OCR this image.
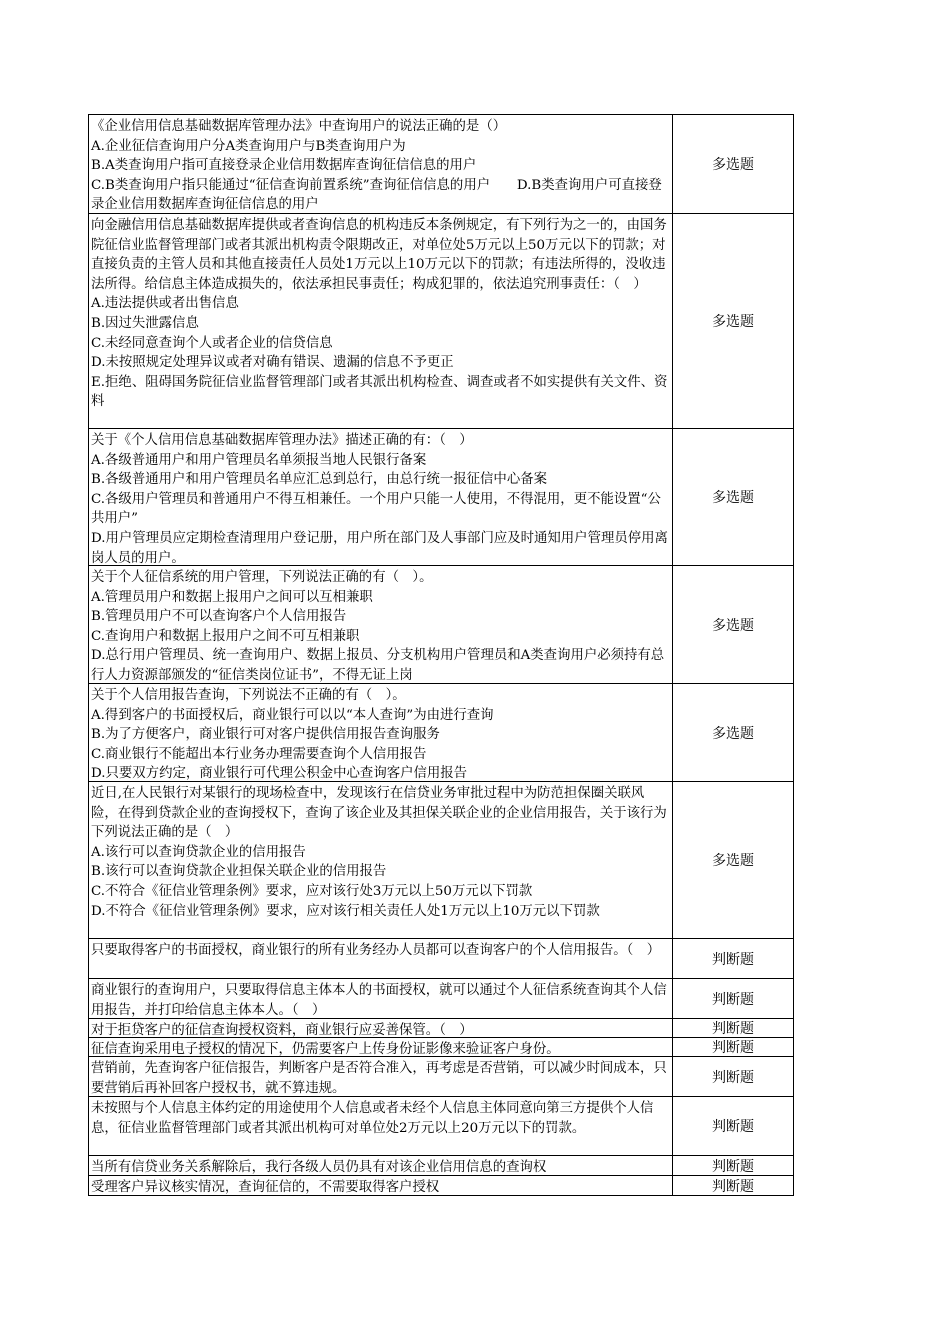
《企业信用信息基础数据库管理办法》中查询用户的说法正确的是（）
A.企业征信查询用户分A类查询用户与B类查询用户为
B.A类查询用户指可直接登录企业信用数据库查询征信信息的用户
C.B类查询用户指只能通过“征信查询前置系统”查询征信信息的用户　　D.B类查询用户可直接登录企业信用数据库查询征信信息的用户
多选题
向金融信用信息基础数据库提供或者查询信息的机构违反本条例规定，有下列行为之一的，由国务院征信业监督管理部门或者其派出机构责令限期改正，对单位处5万元以上50万元以下的罚款；对直接负责的主管人员和其他直接责任人员处1万元以上10万元以下的罚款；有违法所得的，没收违法所得。给信息主体造成损失的，依法承担民事责任；构成犯罪的，依法追究刑事责任：（　）
A.违法提供或者出售信息
B.因过失泄露信息
C.未经同意查询个人或者企业的信贷信息
D.未按照规定处理异议或者对确有错误、遗漏的信息不予更正
E.拒绝、阻碍国务院征信业监督管理部门或者其派出机构检查、调查或者不如实提供有关文件、资料
多选题
关于《个人信用信息基础数据库管理办法》描述正确的有：（　）
A.各级普通用户和用户管理员名单须报当地人民银行备案
B.各级普通用户和用户管理员名单应汇总到总行，由总行统一报征信中心备案
C.各级用户管理员和普通用户不得互相兼任。一个用户只能一人使用，不得混用，更不能设置“公共用户”
D.用户管理员应定期检查清理用户登记册，用户所在部门及人事部门应及时通知用户管理员停用离岗人员的用户。
多选题
关于个人征信系统的用户管理，下列说法正确的有（　）。
A.管理员用户和数据上报用户之间可以互相兼职
B.管理员用户不可以查询客户个人信用报告
C.查询用户和数据上报用户之间不可互相兼职
D.总行用户管理员、统一查询用户、数据上报员、分支机构用户管理员和A类查询用户必须持有总行人力资源部颁发的“征信类岗位证书”，不得无证上岗
多选题
关于个人信用报告查询，下列说法不正确的有（　）。
A.得到客户的书面授权后，商业银行可以以“本人查询”为由进行查询
B.为了方便客户，商业银行可对客户提供信用报告查询服务
C.商业银行不能超出本行业务办理需要查询个人信用报告
D.只要双方约定，商业银行可代理公积金中心查询客户信用报告
多选题
近日,在人民银行对某银行的现场检查中，发现该行在信贷业务审批过程中为防范担保圈关联风险，在得到贷款企业的查询授权下，查询了该企业及其担保关联企业的企业信用报告，关于该行为下列说法正确的是（　）
A.该行可以查询贷款企业的信用报告
B.该行可以查询贷款企业担保关联企业的信用报告
C.不符合《征信业管理条例》要求，应对该行处3万元以上50万元以下罚款
D.不符合《征信业管理条例》要求，应对该行相关责任人处1万元以上10万元以下罚款
多选题
只要取得客户的书面授权，商业银行的所有业务经办人员都可以查询客户的个人信用报告。（　）
判断题
商业银行的查询用户，只要取得信息主体本人的书面授权，就可以通过个人征信系统查询其个人信用报告，并打印给信息主体本人。（　）
判断题
对于拒贷客户的征信查询授权资料，商业银行应妥善保管。（　）	判断题
征信查询采用电子授权的情况下，仍需要客户上传身份证影像来验证客户身份。	判断题
营销前，先查询客户征信报告，判断客户是否符合准入，再考虑是否营销，可以减少时间成本，只要营销后再补回客户授权书，就不算违规。
判断题
未按照与个人信息主体约定的用途使用个人信息或者未经个人信息主体同意向第三方提供个人信息，征信业监督管理部门或者其派出机构可对单位处2万元以上20万元以下的罚款。	判断题
当所有信贷业务关系解除后，我行各级人员仍具有对该企业信用信息的查询权	判断题
受理客户异议核实情况，查询征信的，不需要取得客户授权	判断题
